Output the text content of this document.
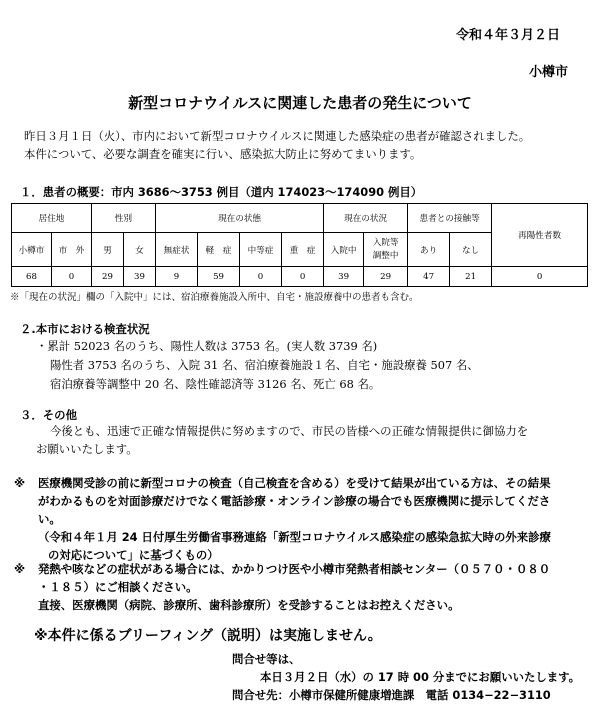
令和４年３月２日
小樽市
新型コロナウイルスに関連した患者の発生について
昨日３月１日（火）、市内において新型コロナウイルスに関連した感染症の患者が確認されました。
本件について、必要な調査を確実に行い、感染拡大防止に努めてまいります。
１．患者の概要：市内 3686～3753 例目（道内 174023～174090 例目）
居住地		性別		現在の状態				現在の状況		患者との接触等		再陽性者数
小樽市	市　外	男	女	無症状	軽　症	中等症	重　症	入院中	入院等
調整中	あり	なし	
68	0	29	39	9	59	0	0	39	29	47	21	0
※「現在の状況」欄の「入院中」には、宿泊療養施設入所中、自宅・施設療養中の患者も含む。
２.本市における検査状況
・累計 52023 名のうち、陽性人数は 3753 名。(実人数 3739 名)
陽性者 3753 名のうち、入院 31 名、宿泊療養施設１名、自宅・施設療養 507 名、
宿泊療養等調整中 20 名、陰性確認済等 3126 名、死亡 68 名。
３．その他
今後とも、迅速で正確な情報提供に努めますので、市民の皆様への正確な情報提供に御協力を
お願いいたします。
※	医療機関受診の前に新型コロナの検査（自己検査を含める）を受けて結果が出ている方は、その結果
がわかるものを対面診療だけでなく電話診療・オンライン診療の場合でも医療機関に提示してくださ
い。
（令和４年１月 24 日付厚生労働省事務連絡「新型コロナウイルス感染症の感染急拡大時の外来診療
の対応について」に基づくもの）
※	発熱や咳などの症状がある場合には、かかりつけ医や小樽市発熱者相談センター（０５７０・０８０
・１８５）にご相談ください。
直接、医療機関（病院、診療所、歯科診療所）を受診することはお控えください。
※本件に係るブリーフィング（説明）は実施しません。
問合せ等は、
本日３月２日（水）の 17 時 00 分までにお願いいたします。
問合せ先：小樽市保健所健康増進課　電話 0134−22−3110
